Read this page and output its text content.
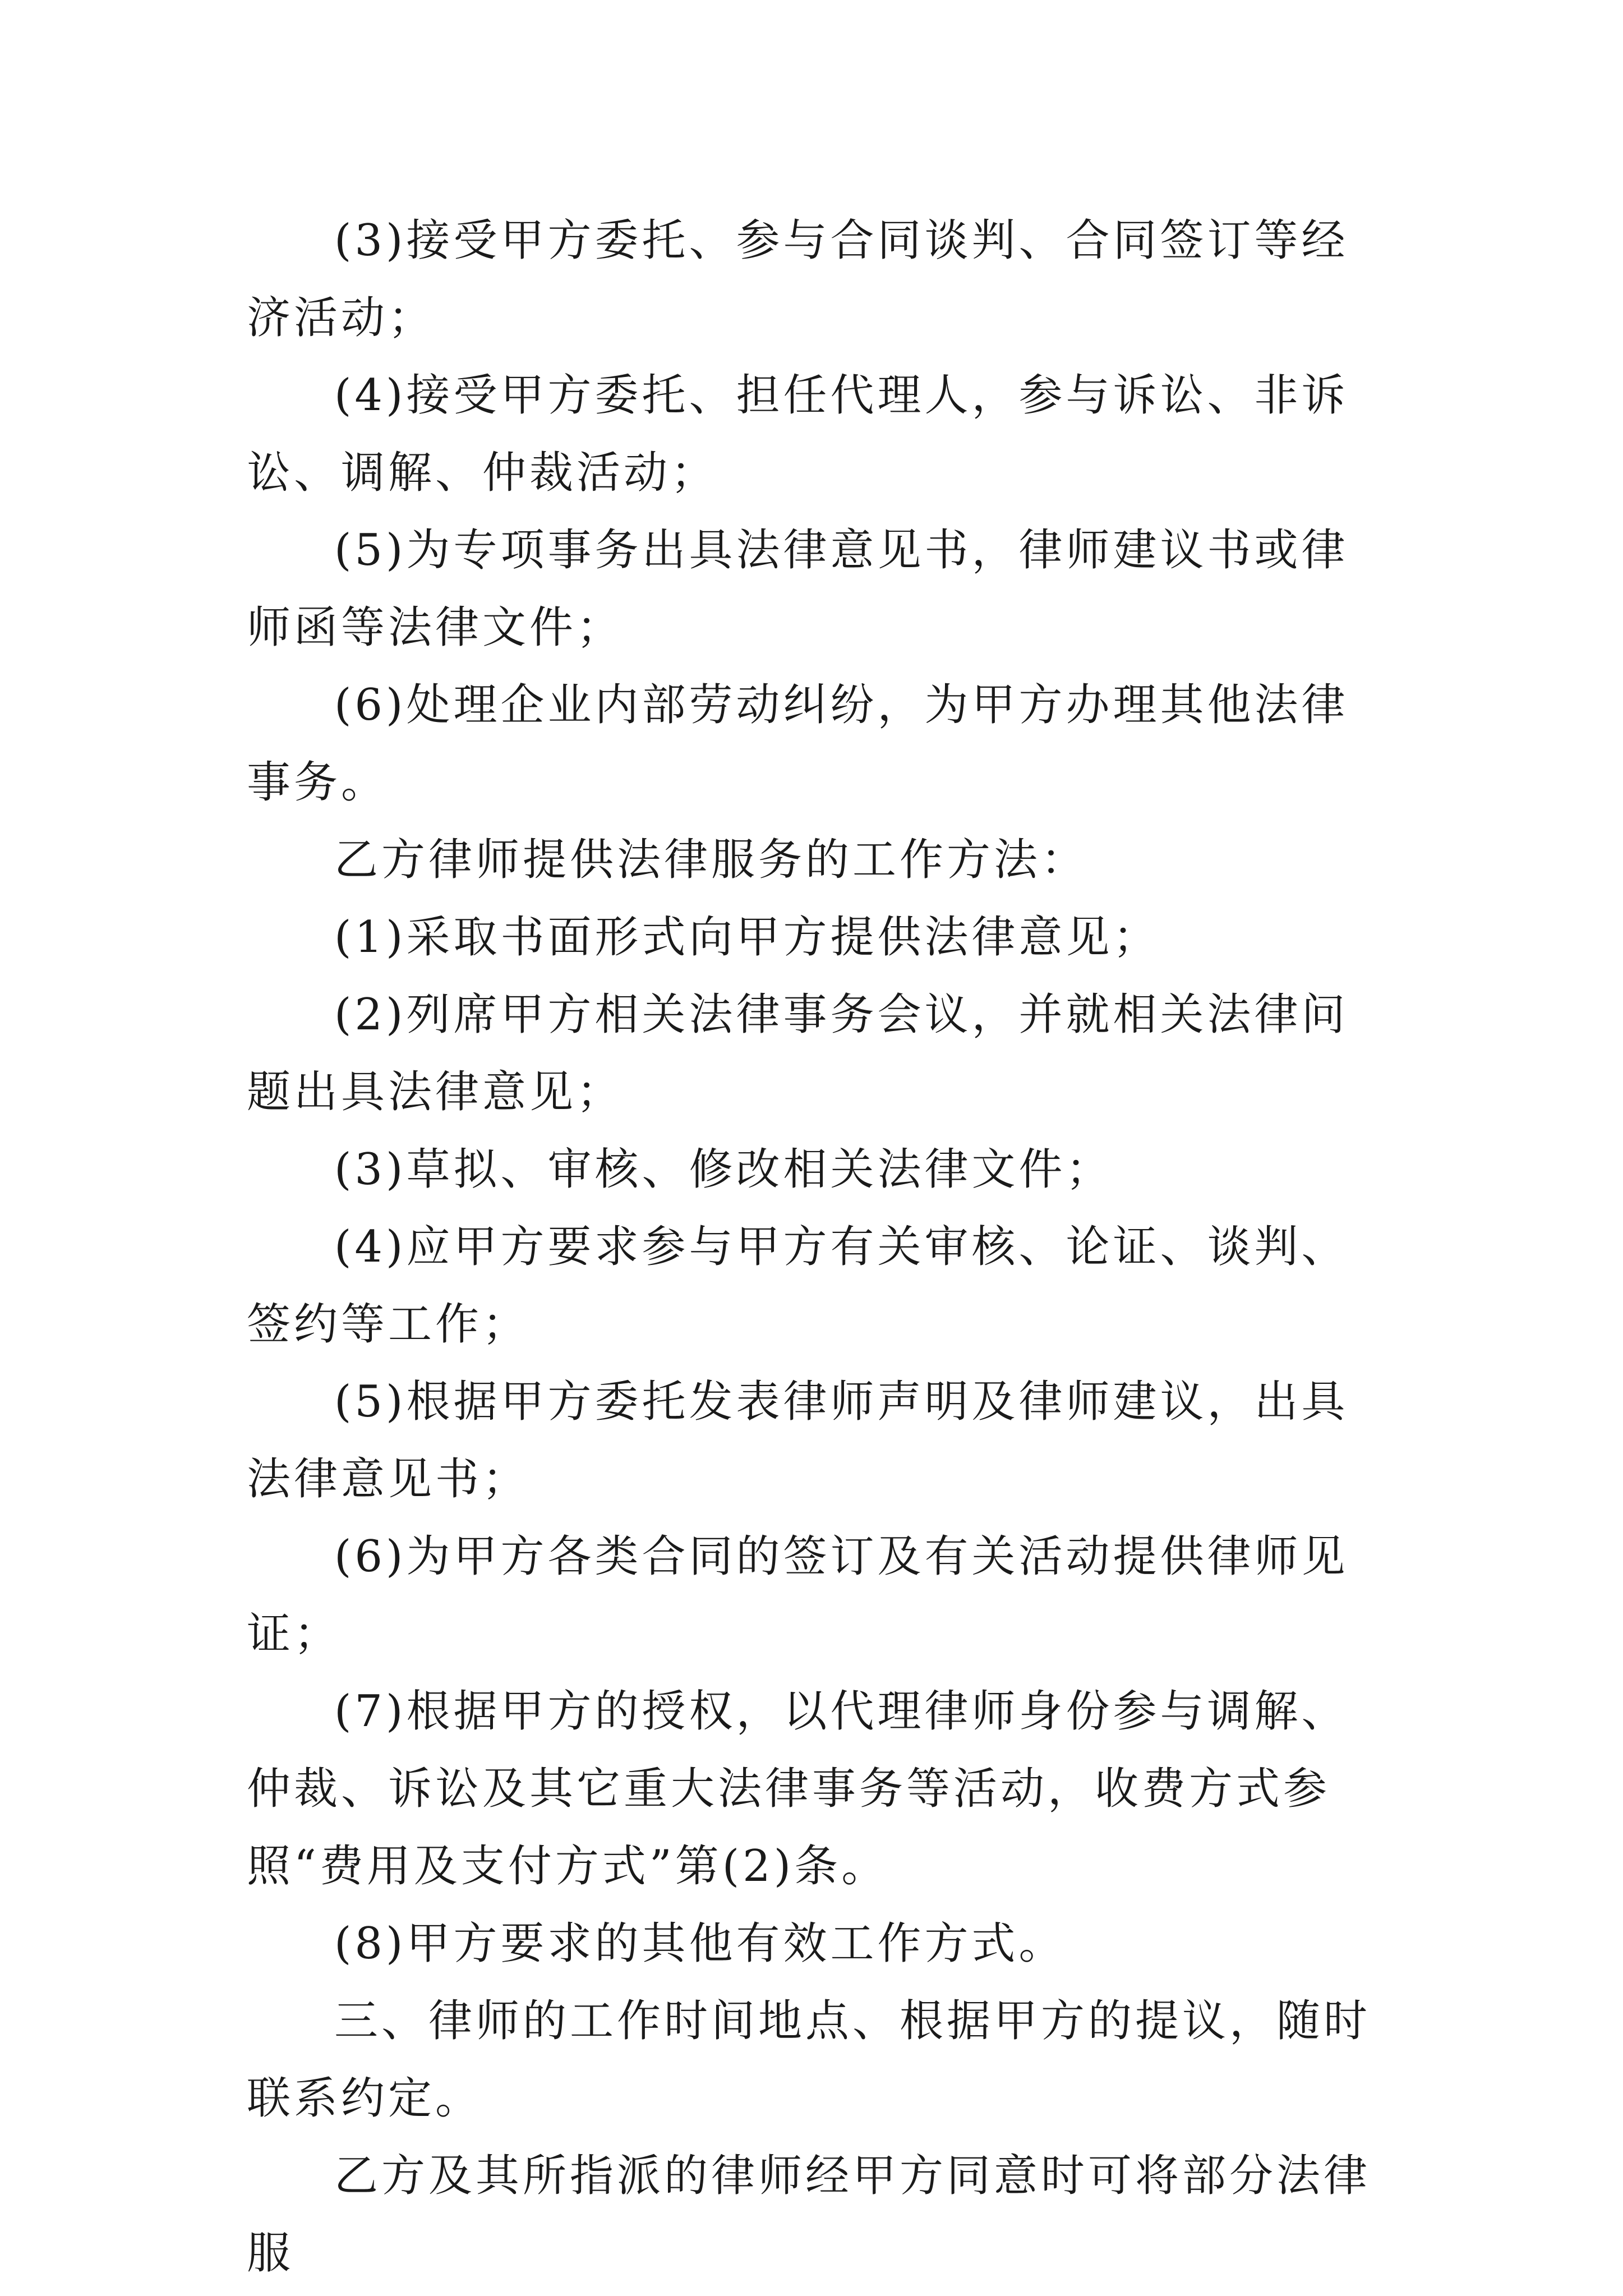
(3)接受甲方委托、参与合同谈判、合同签订等经济活动；

(4)接受甲方委托、担任代理人，参与诉讼、非诉讼、调解、仲裁活动；

(5)为专项事务出具法律意见书，律师建议书或律师函等法律文件；

(6)处理企业内部劳动纠纷，为甲方办理其他法律事务。

乙方律师提供法律服务的工作方法：

(1)采取书面形式向甲方提供法律意见；

(2)列席甲方相关法律事务会议，并就相关法律问题出具法律意见；

(3)草拟、审核、修改相关法律文件；

(4)应甲方要求参与甲方有关审核、论证、谈判、签约等工作；

(5)根据甲方委托发表律师声明及律师建议，出具法律意见书；

(6)为甲方各类合同的签订及有关活动提供律师见证；

(7)根据甲方的授权，以代理律师身份参与调解、仲裁、诉讼及其它重大法律事务等活动，收费方式参照“费用及支付方式”第(2)条。

(8)甲方要求的其他有效工作方式。

三、律师的工作时间地点、根据甲方的提议，随时联系约定。

乙方及其所指派的律师经甲方同意时可将部分法律服
